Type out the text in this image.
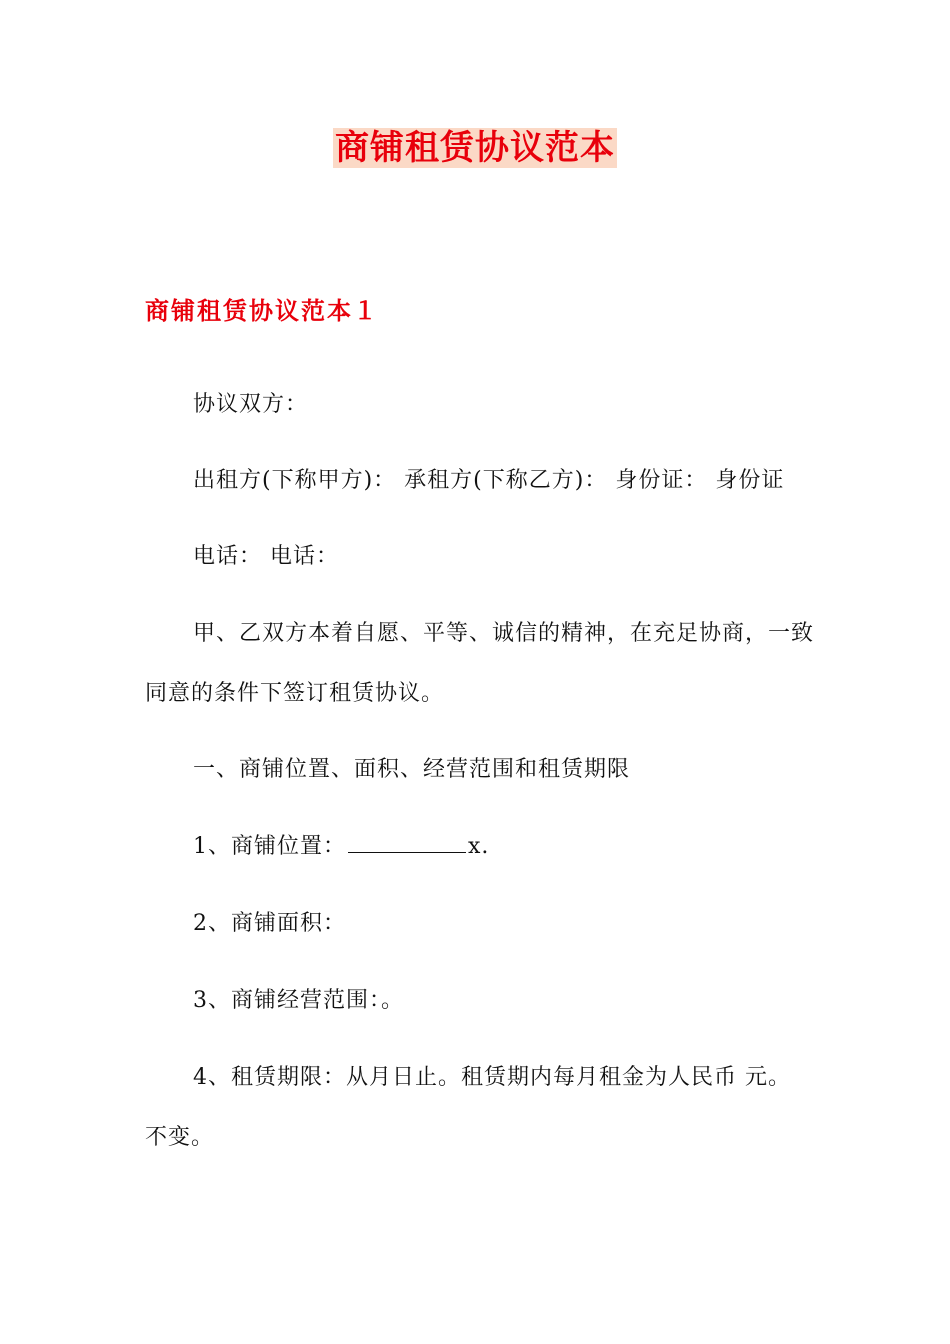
商铺租赁协议范本
商铺租赁协议范本１

协议双方：

出租方(下称甲方)： 承租方(下称乙方)： 身份证： 身份证

电话： 电话：

甲、乙双方本着自愿、平等、诚信的精神，在充足协商，一致

同意的条件下签订租赁协议。

一、商铺位置、面积、经营范围和租赁期限

1、商铺位置：	x.

2、商铺面积：

3、商铺经营范围：。

4、租赁期限：从月日止。租赁期内每月租金为人民币 元。

不变。
